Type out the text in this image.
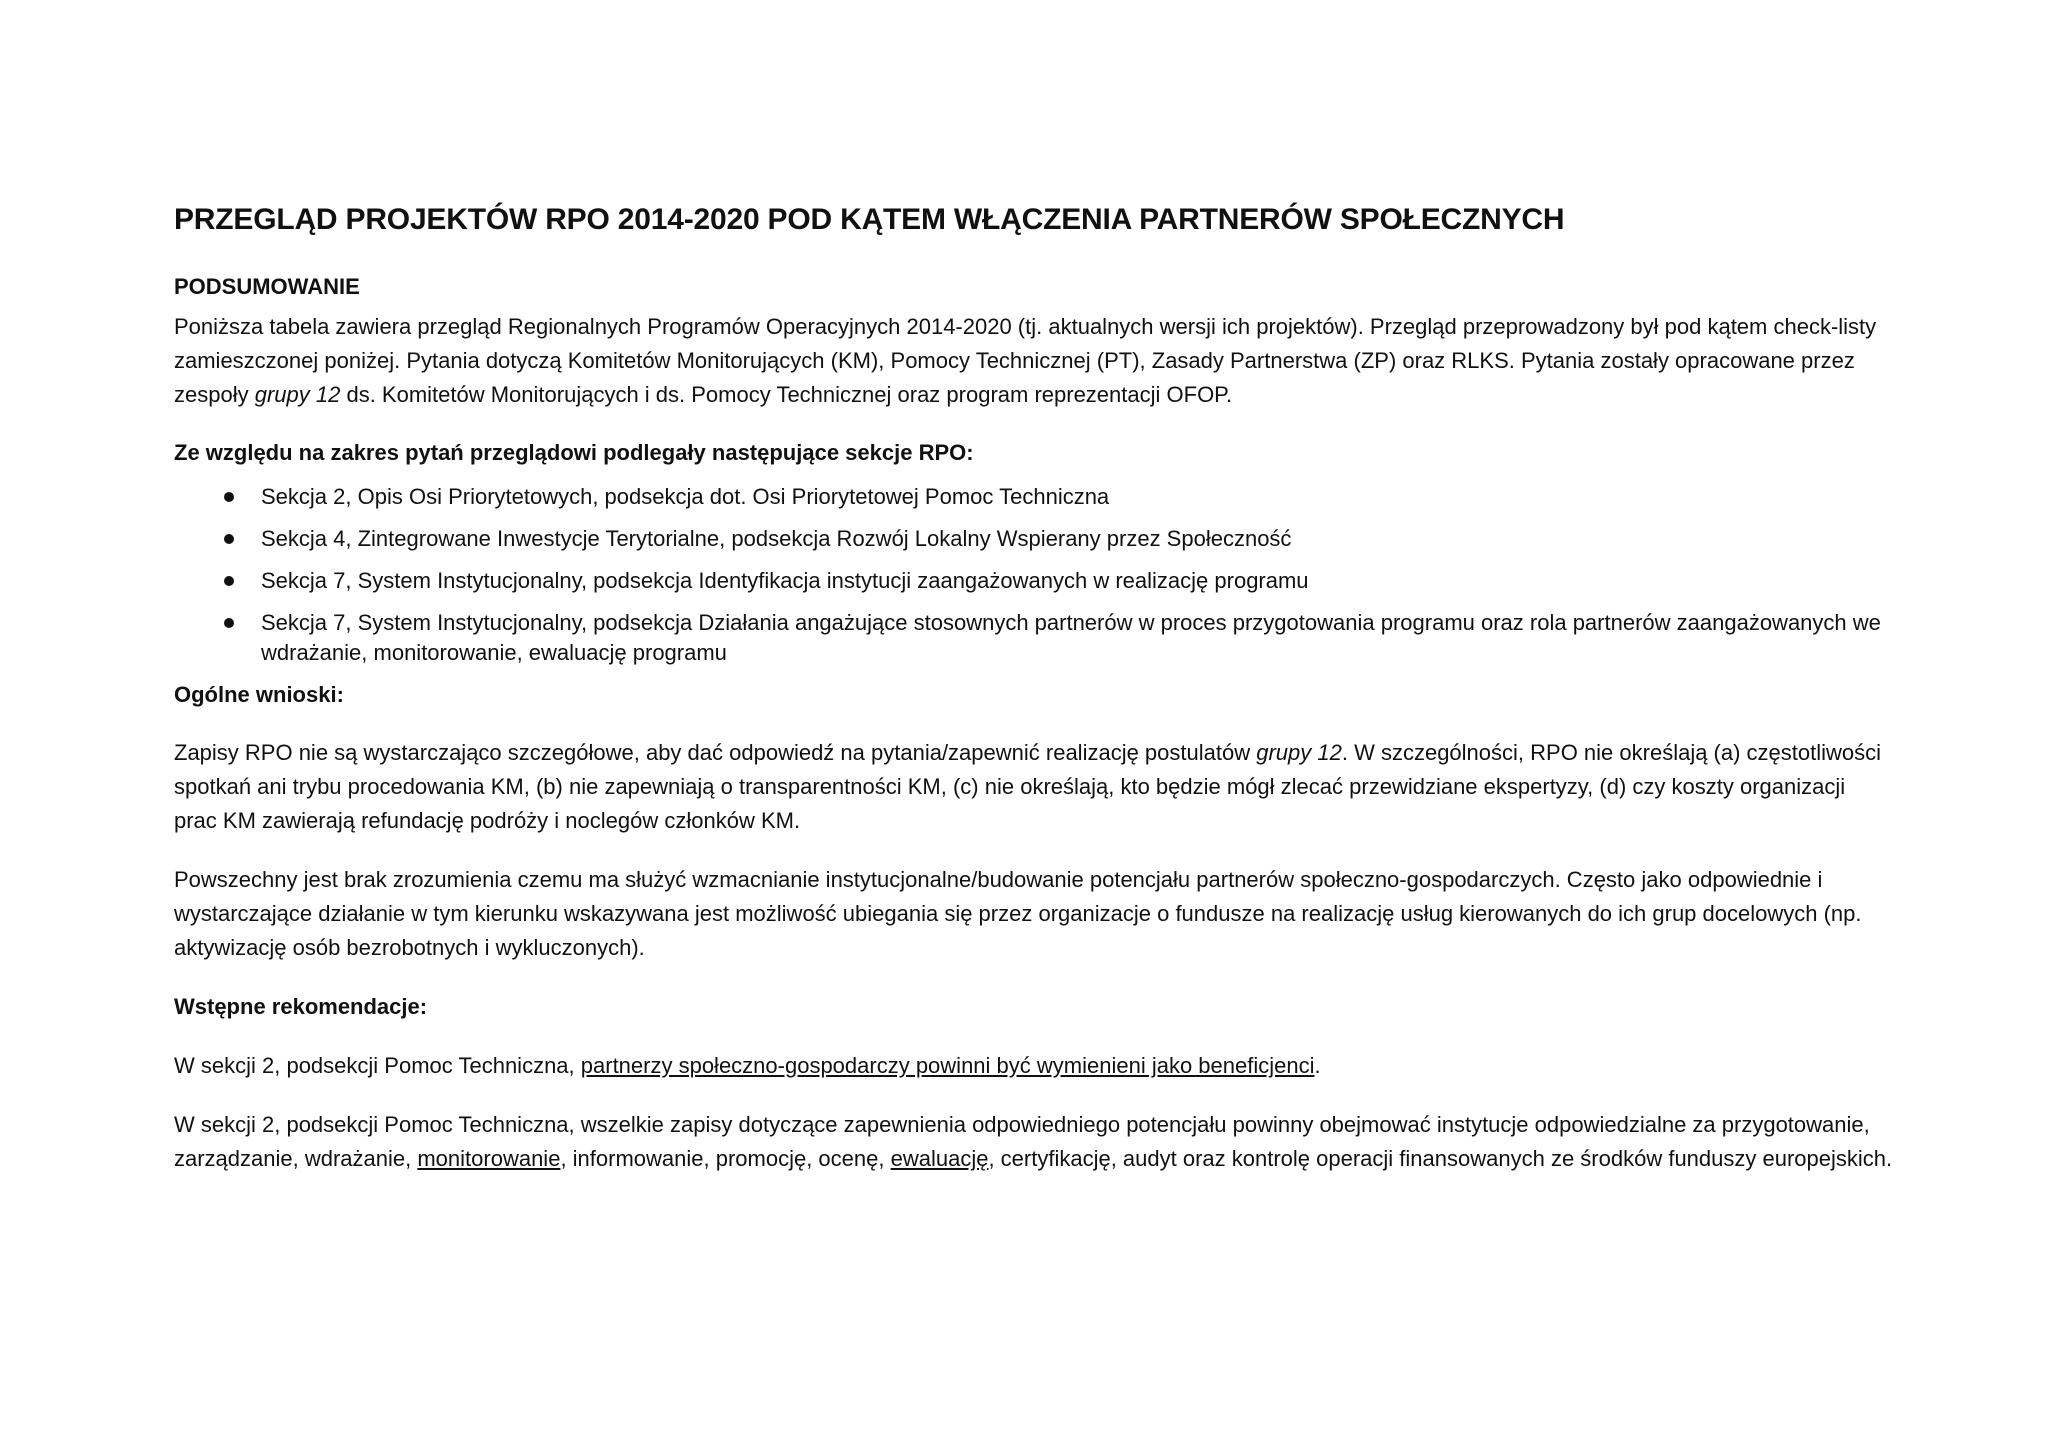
PRZEGLĄD PROJEKTÓW RPO 2014-2020 POD KĄTEM WŁĄCZENIA PARTNERÓW SPOŁECZNYCH
PODSUMOWANIE

Poniższa tabela zawiera przegląd Regionalnych Programów Operacyjnych 2014-2020 (tj. aktualnych wersji ich projektów). Przegląd przeprowadzony był pod kątem check-listy zamieszczonej poniżej. Pytania dotyczą Komitetów Monitorujących (KM), Pomocy Technicznej (PT), Zasady Partnerstwa (ZP) oraz RLKS. Pytania zostały opracowane przez zespoły grupy 12 ds. Komitetów Monitorujących i ds. Pomocy Technicznej oraz program reprezentacji OFOP.

Ze względu na zakres pytań przeglądowi podlegały następujące sekcje RPO:
Sekcja 2, Opis Osi Priorytetowych, podsekcja dot. Osi Priorytetowej Pomoc Techniczna
Sekcja 4, Zintegrowane Inwestycje Terytorialne, podsekcja Rozwój Lokalny Wspierany przez Społeczność
Sekcja 7, System Instytucjonalny, podsekcja Identyfikacja instytucji zaangażowanych w realizację programu
Sekcja 7, System Instytucjonalny, podsekcja Działania angażujące stosownych partnerów w proces przygotowania programu oraz rola partnerów zaangażowanych we wdrażanie, monitorowanie, ewaluację programu
Ogólne wnioski:

Zapisy RPO nie są wystarczająco szczegółowe, aby dać odpowiedź na pytania/zapewnić realizację postulatów grupy 12. W szczególności, RPO nie określają (a) częstotliwości spotkań ani trybu procedowania KM, (b) nie zapewniają o transparentności KM, (c) nie określają, kto będzie mógł zlecać przewidziane ekspertyzy, (d) czy koszty organizacji prac KM zawierają refundację podróży i noclegów członków KM.

Powszechny jest brak zrozumienia czemu ma służyć wzmacnianie instytucjonalne/budowanie potencjału partnerów społeczno-gospodarczych. Często jako odpowiednie i wystarczające działanie w tym kierunku wskazywana jest możliwość ubiegania się przez organizacje o fundusze na realizację usług kierowanych do ich grup docelowych (np. aktywizację osób bezrobotnych i wykluczonych).

Wstępne rekomendacje:

W sekcji 2, podsekcji Pomoc Techniczna, partnerzy społeczno-gospodarczy powinni być wymienieni jako beneficjenci.

W sekcji 2, podsekcji Pomoc Techniczna, wszelkie zapisy dotyczące zapewnienia odpowiedniego potencjału powinny obejmować instytucje odpowiedzialne za przygotowanie, zarządzanie, wdrażanie, monitorowanie, informowanie, promocję, ocenę, ewaluację, certyfikację, audyt oraz kontrolę operacji finansowanych ze środków funduszy europejskich.
